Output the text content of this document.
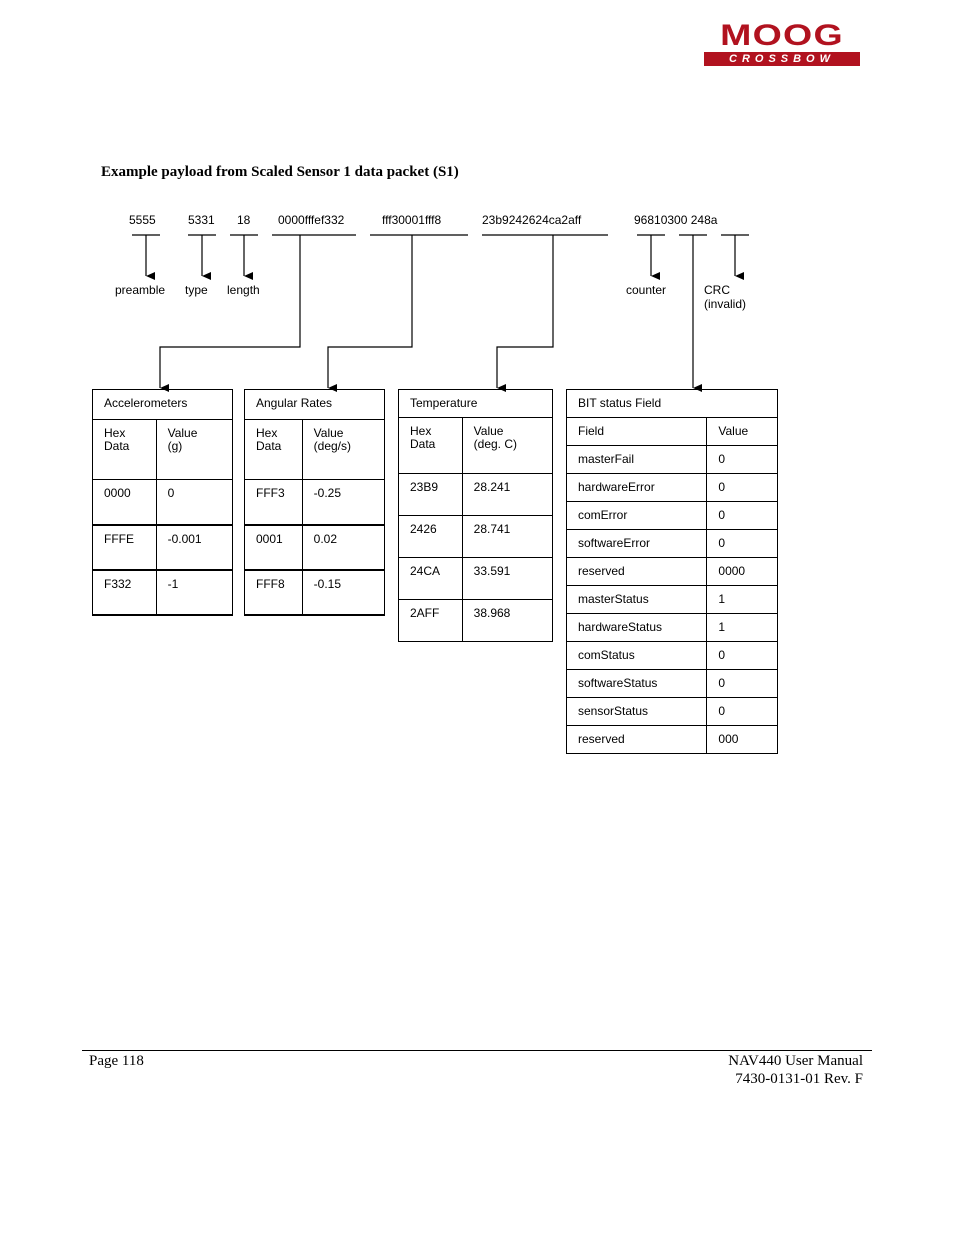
MOOG
CROSSBOW
Example payload from Scaled Sensor 1 data packet (S1)
5555	5331 18 0000fffef332	fff30001fff8	23b9242624ca2aff	96810300 248a
preamble type length	counter	CRC
(invalid)
Accelerometers	
Hex
Data	Value
(g)
0000	0
FFFE	-0.001
F332	-1
Angular Rates	
Hex
Data	Value
(deg/s)
FFF3	-0.25
0001	0.02
FFF8	-0.15
Temperature	
Hex
Data	Value
(deg. C)
23B9	28.241
2426	28.741
24CA	33.591
2AFF	38.968
BIT status Field	
Field	Value
masterFail	0
hardwareError	0
comError	0
softwareError	0
reserved	0000
masterStatus	1
hardwareStatus	1
comStatus	0
softwareStatus	0
sensorStatus	0
reserved	000
Page 118	NAV440 User Manual
7430-0131-01 Rev. F
